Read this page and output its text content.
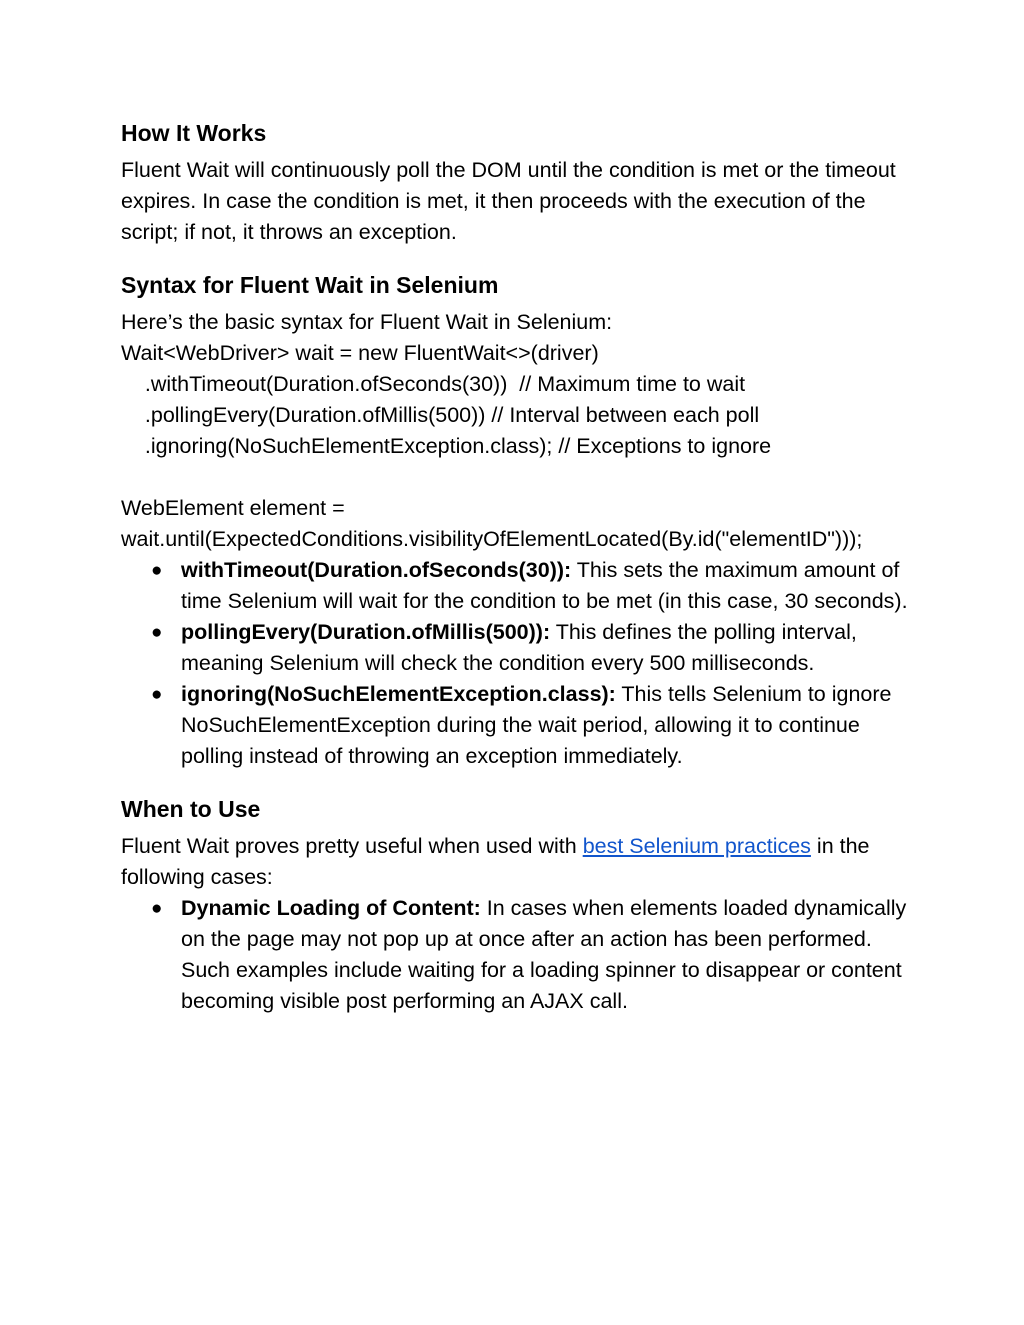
How It Works

Fluent Wait will continuously poll the DOM until the condition is met or the timeout expires. In case the condition is met, it then proceeds with the execution of the script; if not, it throws an exception.

Syntax for Fluent Wait in Selenium

Here’s the basic syntax for Fluent Wait in Selenium:

Wait<WebDriver> wait = new FluentWait<>(driver)
.withTimeout(Duration.ofSeconds(30))  // Maximum time to wait
.pollingEvery(Duration.ofMillis(500)) // Interval between each poll
.ignoring(NoSuchElementException.class); // Exceptions to ignore
WebElement element =
wait.until(ExpectedConditions.visibilityOfElementLocated(By.id("elementID")));
● withTimeout(Duration.ofSeconds(30)): This sets the maximum amount of time Selenium will wait for the condition to be met (in this case, 30 seconds).
● pollingEvery(Duration.ofMillis(500)): This defines the polling interval, meaning Selenium will check the condition every 500 milliseconds.
● ignoring(NoSuchElementException.class): This tells Selenium to ignore NoSuchElementException during the wait period, allowing it to continue polling instead of throwing an exception immediately.
When to Use

Fluent Wait proves pretty useful when used with best Selenium practices in the following cases:

● Dynamic Loading of Content: In cases when elements loaded dynamically on the page may not pop up at once after an action has been performed. Such examples include waiting for a loading spinner to disappear or content becoming visible post performing an AJAX call.
